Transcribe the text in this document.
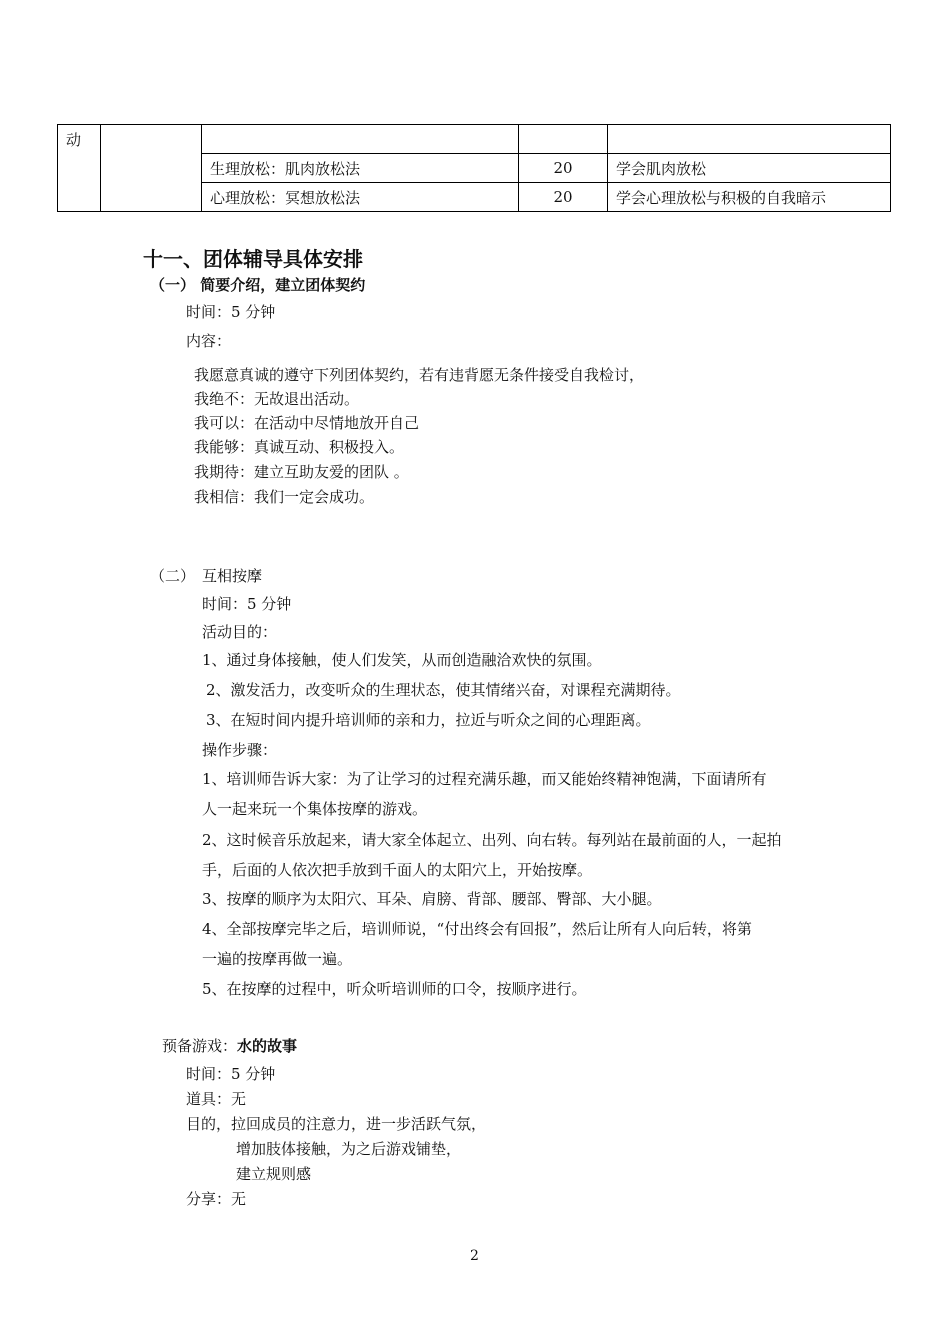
动				
		生理放松：肌肉放松法	20	学会肌肉放松
		心理放松：冥想放松法	20	学会心理放松与积极的自我暗示
十一、团体辅导具体安排
（一） 简要介绍，建立团体契约
时间：5 分钟
内容：
我愿意真诚的遵守下列团体契约，若有违背愿无条件接受自我检讨，
我绝不：无故退出活动。
我可以：在活动中尽情地放开自己
我能够：真诚互动、积极投入。
我期待：建立互助友爱的团队 。
我相信：我们一定会成功。
（二） 互相按摩
时间：5 分钟
活动目的：
1、通过身体接触，使人们发笑，从而创造融洽欢快的氛围。
2、激发活力，改变听众的生理状态，使其情绪兴奋，对课程充满期待。
3、在短时间内提升培训师的亲和力，拉近与听众之间的心理距离。
操作步骤：
1、培训师告诉大家：为了让学习的过程充满乐趣，而又能始终精神饱满，下面请所有
人一起来玩一个集体按摩的游戏。
2、这时候音乐放起来，请大家全体起立、出列、向右转。每列站在最前面的人，一起拍
手，后面的人依次把手放到千面人的太阳穴上，开始按摩。
3、按摩的顺序为太阳穴、耳朵、肩膀、背部、腰部、臀部、大小腿。
4、全部按摩完毕之后，培训师说，“付出终会有回报”，然后让所有人向后转，将第
一遍的按摩再做一遍。
5、在按摩的过程中，听众听培训师的口令，按顺序进行。
预备游戏：水的故事
时间：5 分钟
道具：无
目的，拉回成员的注意力，进一步活跃气氛，
增加肢体接触，为之后游戏铺垫，
建立规则感
分享：无
2
